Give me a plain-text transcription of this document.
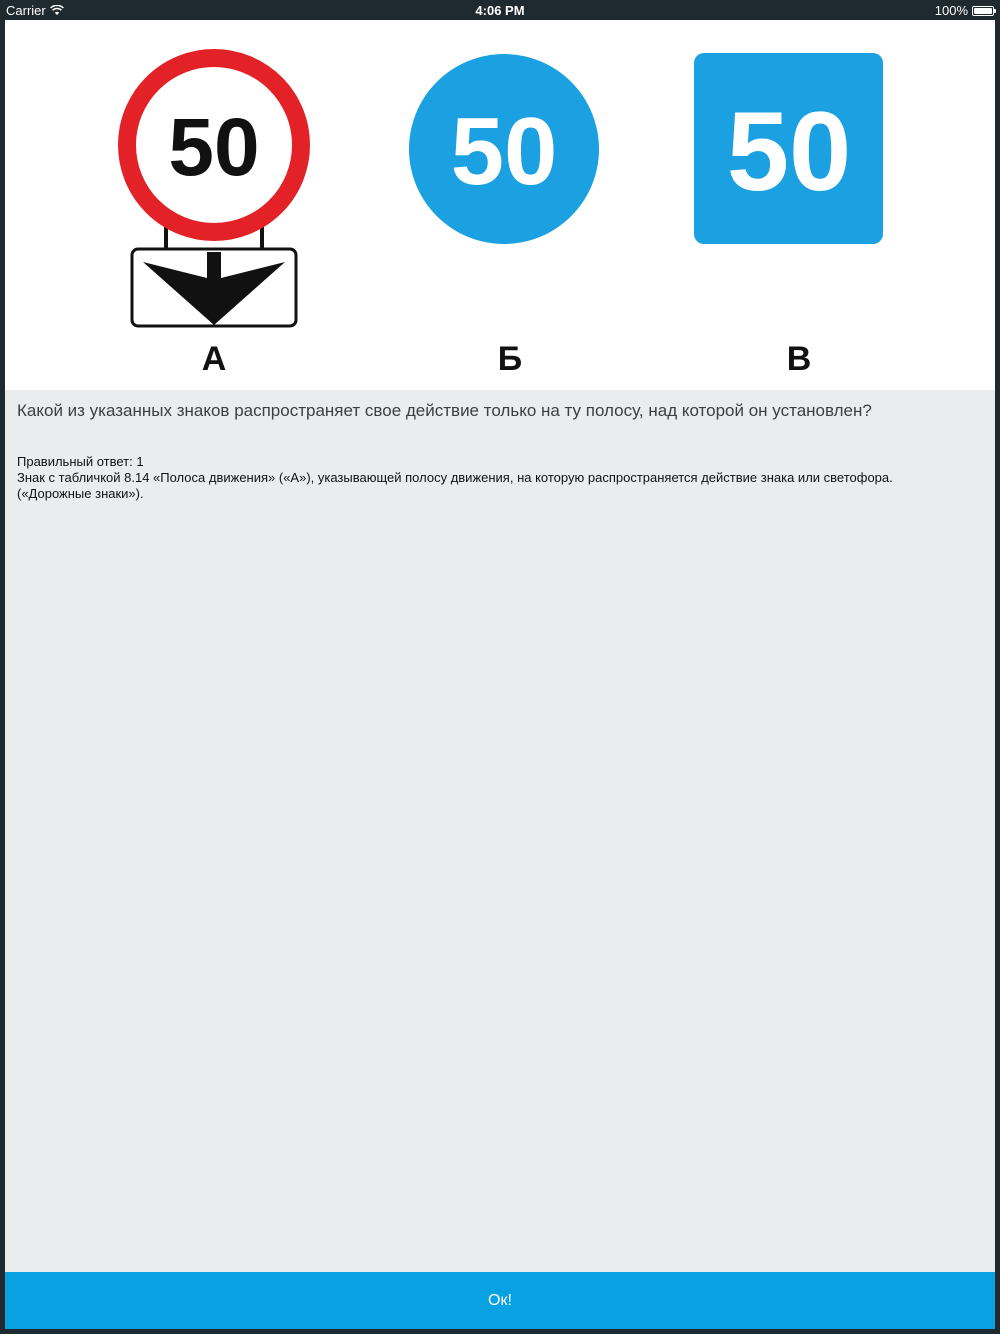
Carrier	4:06 PM	100%
50
А
50
Б
50
В
Какой из указанных знаков распространяет свое действие только на ту полосу, над которой он установлен?

Правильный ответ: 1

Знак с табличкой 8.14 «Полоса движения» («А»), указывающей полосу движения, на которую распространяется действие знака или светофора.

(«Дорожные знаки»).

Ок!
